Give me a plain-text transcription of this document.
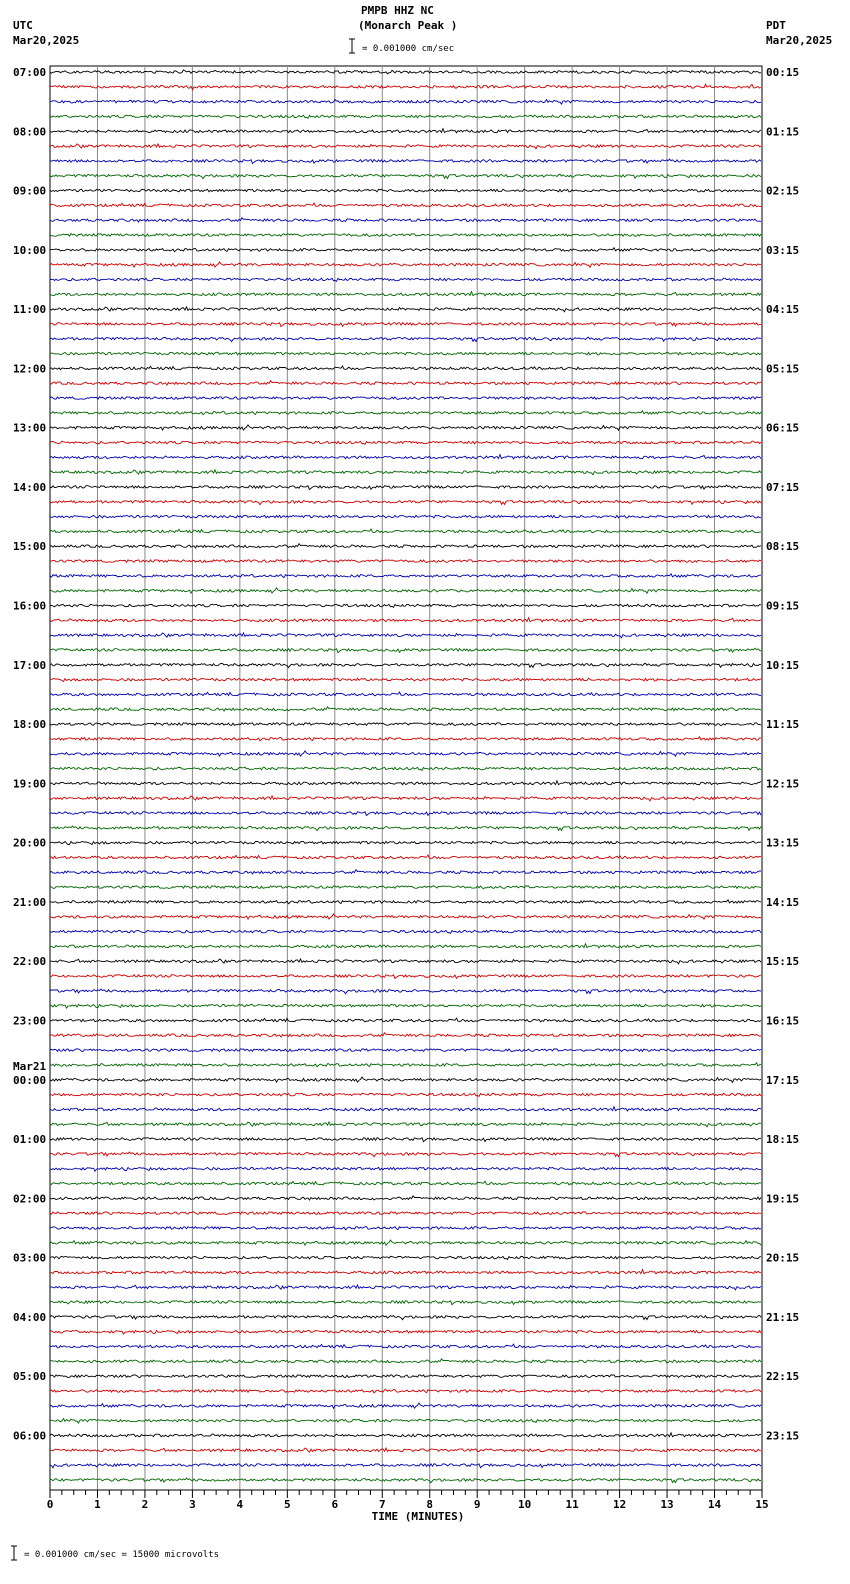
PMPB HHZ NC
(Monarch Peak )
UTC
Mar20,2025
PDT
Mar20,2025
= 0.001000 cm/sec
= 0.001000 cm/sec = 15000 microvolts
0	1	2	3	4	5	6	7	8	9	10	11	12	13	14	15
TIME (MINUTES)
07:00
08:00
09:00
10:00
11:00
12:00
13:00
14:00
15:00
16:00
17:00
18:00
19:00
20:00
21:00
22:00
23:00
00:00
Mar21
01:00
02:00
03:00
04:00
05:00
06:00
00:15
01:15
02:15
03:15
04:15
05:15
06:15
07:15
08:15
09:15
10:15
11:15
12:15
13:15
14:15
15:15
16:15
17:15
18:15
19:15
20:15
21:15
22:15
23:15
